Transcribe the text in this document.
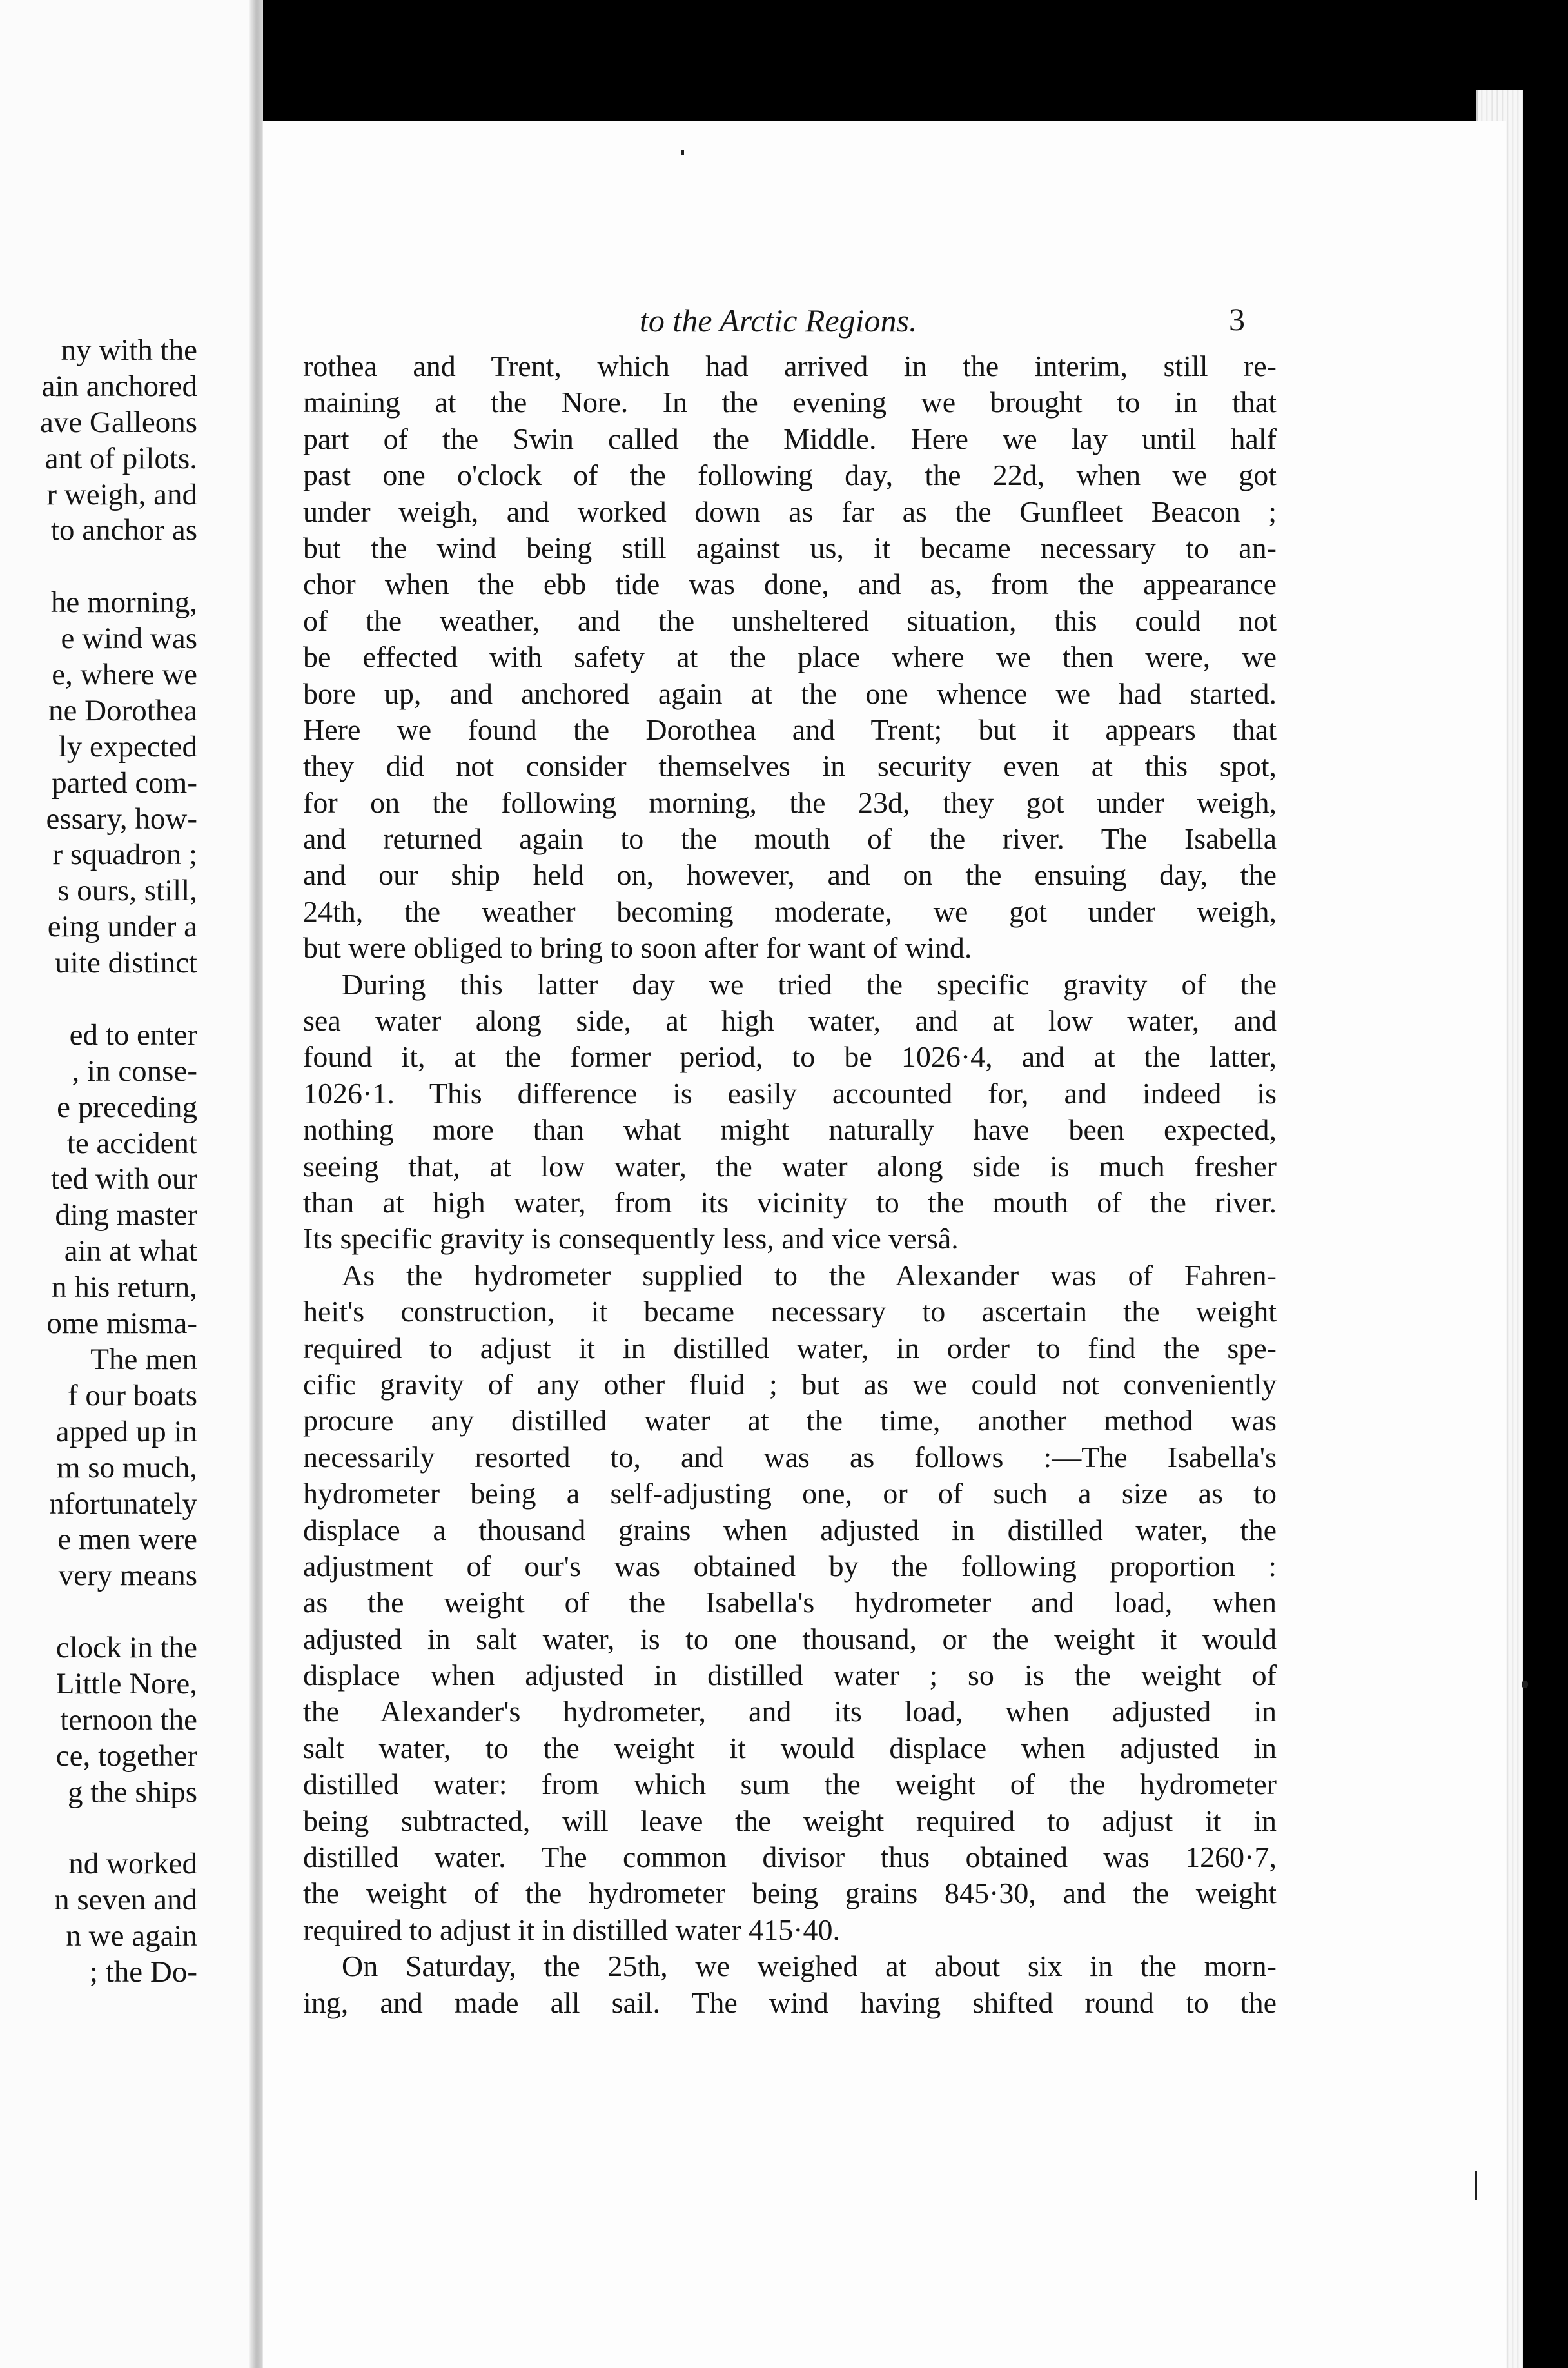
ny with the
ain anchored
ave Galleons
ant of pilots.
r weigh, and
to anchor as
he morning,
e wind was
e, where we
ne Dorothea
ly expected
parted com-
essary, how-
r squadron ;
s ours, still,
eing under a
uite distinct
ed to enter
, in conse-
e preceding
te accident
ted with our
ding master
ain at what
n his return,
ome misma-
The men
f our boats
apped up in
m so much,
nfortunately
e men were
very means
clock in the
Little Nore,
ternoon the
ce, together
g the ships
nd worked
n seven and
n we again
; the Do-
to the Arctic Regions.	3
rothea and Trent, which had arrived in the interim, still re-
maining at the Nore. In the evening we brought to in that
part of the Swin called the Middle. Here we lay until half
past one o'clock of the following day, the 22d, when we got
under weigh, and worked down as far as the Gunfleet Beacon ;
but the wind being still against us, it became necessary to an-
chor when the ebb tide was done, and as, from the appearance
of the weather, and the unsheltered situation, this could not
be effected with safety at the place where we then were, we
bore up, and anchored again at the one whence we had started.
Here we found the Dorothea and Trent; but it appears that
they did not consider themselves in security even at this spot,
for on the following morning, the 23d, they got under weigh,
and returned again to the mouth of the river. The Isabella
and our ship held on, however, and on the ensuing day, the
24th, the weather becoming moderate, we got under weigh,
but were obliged to bring to soon after for want of wind.
During this latter day we tried the specific gravity of the
sea water along side, at high water, and at low water, and
found it, at the former period, to be 1026·4, and at the latter,
1026·1. This difference is easily accounted for, and indeed is
nothing more than what might naturally have been expected,
seeing that, at low water, the water along side is much fresher
than at high water, from its vicinity to the mouth of the river.
Its specific gravity is consequently less, and vice versâ.
As the hydrometer supplied to the Alexander was of Fahren-
heit's construction, it became necessary to ascertain the weight
required to adjust it in distilled water, in order to find the spe-
cific gravity of any other fluid ; but as we could not conveniently
procure any distilled water at the time, another method was
necessarily resorted to, and was as follows :—The Isabella's
hydrometer being a self-adjusting one, or of such a size as to
displace a thousand grains when adjusted in distilled water, the
adjustment of our's was obtained by the following proportion :
as the weight of the Isabella's hydrometer and load, when
adjusted in salt water, is to one thousand, or the weight it would
displace when adjusted in distilled water ; so is the weight of
the Alexander's hydrometer, and its load, when adjusted in
salt water, to the weight it would displace when adjusted in
distilled water: from which sum the weight of the hydrometer
being subtracted, will leave the weight required to adjust it in
distilled water. The common divisor thus obtained was 1260·7,
the weight of the hydrometer being grains 845·30, and the weight
required to adjust it in distilled water 415·40.
On Saturday, the 25th, we weighed at about six in the morn-
ing, and made all sail. The wind having shifted round to the
